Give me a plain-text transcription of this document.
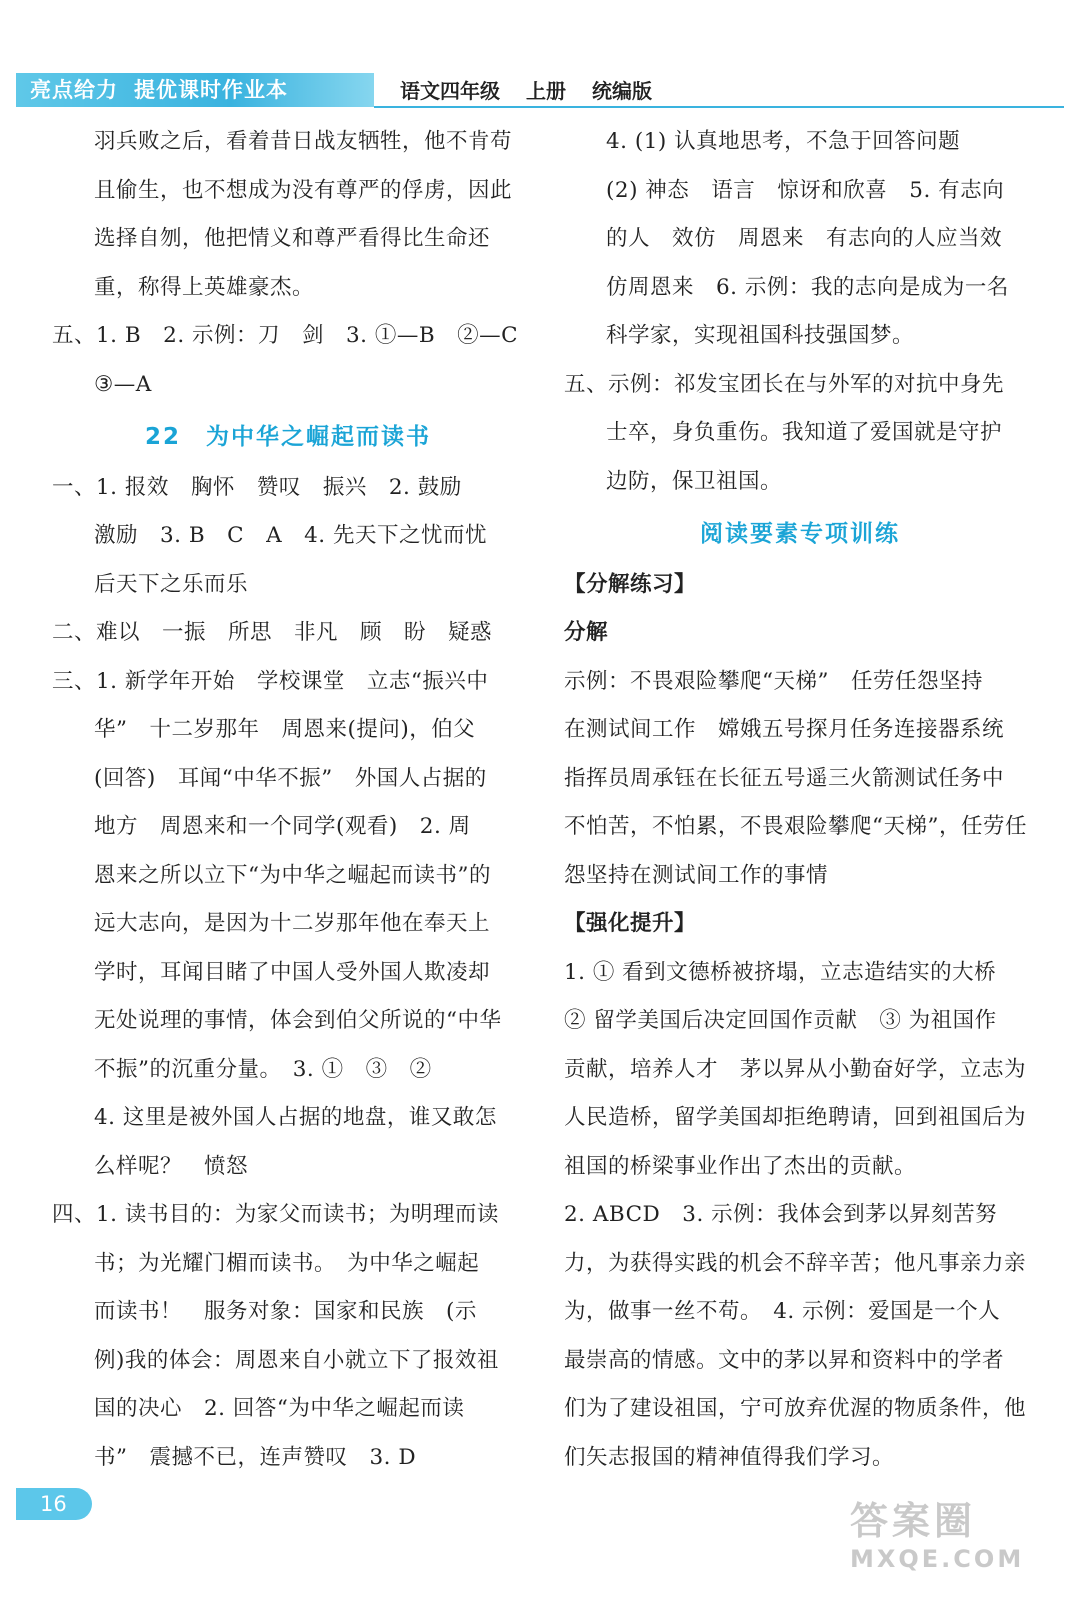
亮点给力 提优课时作业本	语文四年级 上册 统编版

羽兵败之后，看着昔日战友牺牲，他不肯苟

且偷生，也不想成为没有尊严的俘虏，因此

选择自刎，他把情义和尊严看得比生命还

重，称得上英雄豪杰。

五、1. B　2. 示例：刀　剑　3. ①—B　②—C

③—A

22　为中华之崛起而读书

一、1. 报效　胸怀　赞叹　振兴　2. 鼓励

激励　3. B　C　A　4. 先天下之忧而忧

后天下之乐而乐

二、难以　一振　所思　非凡　顾　盼　疑惑

三、1. 新学年开始　学校课堂　立志“振兴中

华”　十二岁那年　周恩来(提问)，伯父

(回答)　耳闻“中华不振”　外国人占据的

地方　周恩来和一个同学(观看)　2. 周

恩来之所以立下“为中华之崛起而读书”的

远大志向，是因为十二岁那年他在奉天上

学时，耳闻目睹了中国人受外国人欺凌却

无处说理的事情，体会到伯父所说的“中华

不振”的沉重分量。　3. ①　③　②

4. 这里是被外国人占据的地盘，谁又敢怎

么样呢？　愤怒

四、1. 读书目的：为家父而读书；为明理而读

书；为光耀门楣而读书。　为中华之崛起

而读书！　服务对象：国家和民族　(示

例)我的体会：周恩来自小就立下了报效祖

国的决心　2. 回答“为中华之崛起而读

书”　震撼不已，连声赞叹　3. D

4. (1) 认真地思考，不急于回答问题

(2) 神态　语言　惊讶和欣喜　5. 有志向

的人　效仿　周恩来　有志向的人应当效

仿周恩来　6. 示例：我的志向是成为一名

科学家，实现祖国科技强国梦。

五、示例：祁发宝团长在与外军的对抗中身先

士卒，身负重伤。我知道了爱国就是守护

边防，保卫祖国。

阅读要素专项训练

【分解练习】

分解

示例：不畏艰险攀爬“天梯”　任劳任怨坚持

在测试间工作　嫦娥五号探月任务连接器系统

指挥员周承钰在长征五号遥三火箭测试任务中

不怕苦，不怕累，不畏艰险攀爬“天梯”，任劳任

怨坚持在测试间工作的事情

【强化提升】

1. ① 看到文德桥被挤塌，立志造结实的大桥

② 留学美国后决定回国作贡献　③ 为祖国作

贡献，培养人才　茅以昇从小勤奋好学，立志为

人民造桥，留学美国却拒绝聘请，回到祖国后为

祖国的桥梁事业作出了杰出的贡献。

2. ABCD　3. 示例：我体会到茅以昇刻苦努

力，为获得实践的机会不辞辛苦；他凡事亲力亲

为，做事一丝不苟。　4. 示例：爱国是一个人

最崇高的情感。文中的茅以昇和资料中的学者

们为了建设祖国，宁可放弃优渥的物质条件，他

们矢志报国的精神值得我们学习。

16	答案圈
MXQE.COM
